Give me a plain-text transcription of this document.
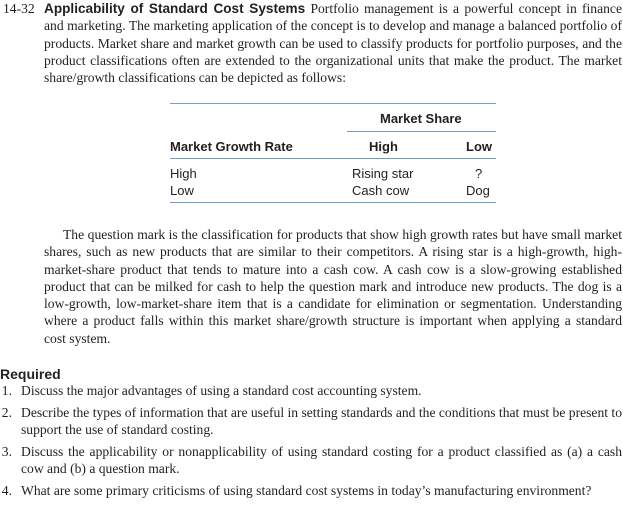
14-32 Applicability of Standard Cost Systems Portfolio management is a powerful concept in finance and marketing. The marketing application of the concept is to develop and manage a balanced portfolio of products. Market share and market growth can be used to classify products for portfolio purposes, and the product classifications often are extended to the organizational units that make the product. The market share/growth classifications can be depicted as follows:
Market Share
Market Growth Rate	High	Low
High	Rising star	?
Low	Cash cow	Dog
The question mark is the classification for products that show high growth rates but have small market shares, such as new products that are similar to their competitors. A rising star is a high-growth, high-market-share product that tends to mature into a cash cow. A cash cow is a slow-growing established product that can be milked for cash to help the question mark and introduce new products. The dog is a low-growth, low-market-share item that is a candidate for elimination or segmentation. Understanding where a product falls within this market share/growth structure is important when applying a standard cost system.
Required
1. Discuss the major advantages of using a standard cost accounting system.
2. Describe the types of information that are useful in setting standards and the conditions that must be present to support the use of standard costing.
3. Discuss the applicability or nonapplicability of using standard costing for a product classified as (a) a cash cow and (b) a question mark.
4. What are some primary criticisms of using standard cost systems in today’s manufacturing environment?
